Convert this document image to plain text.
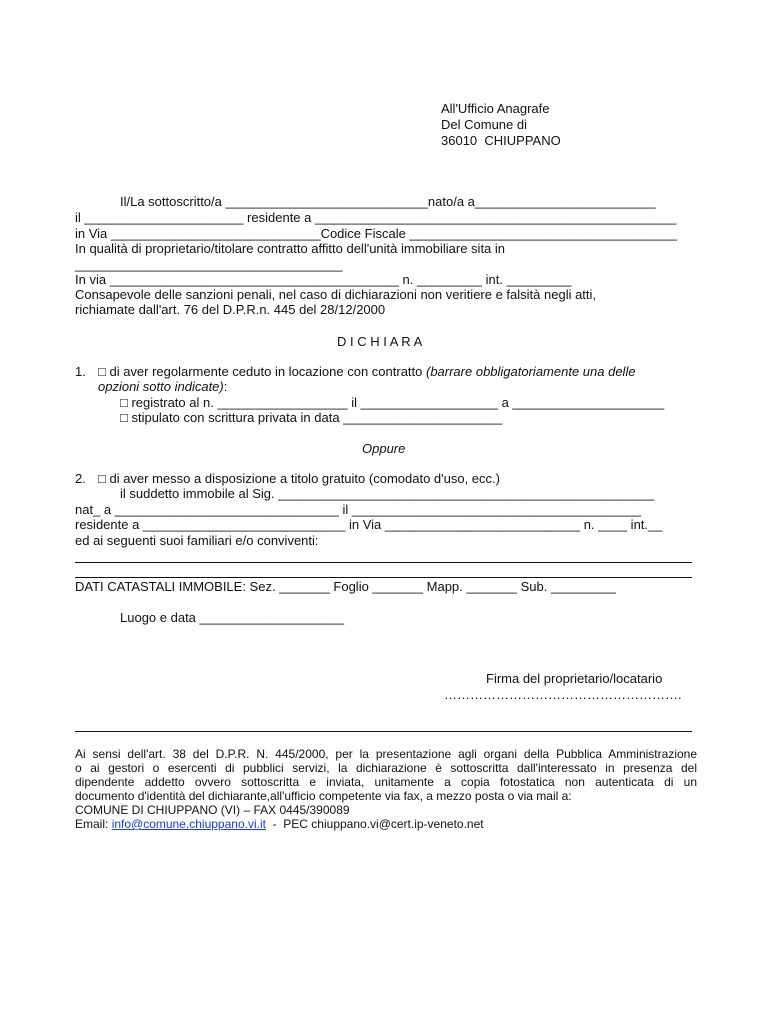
All'Ufficio Anagrafe
Del Comune di
36010  CHIUPPANO
Il/La sottoscritto/a ____________________________nato/a a_________________________
il ______________________ residente a __________________________________________________
in Via _____________________________Codice Fiscale _____________________________________
In qualità di proprietario/titolare contratto affitto dell'unità immobiliare sita in
_____________________________________
In via ________________________________________ n. _________ int. _________
Consapevole delle sanzioni penali, nel caso di dichiarazioni non veritiere e falsità negli atti,
richiamate dall'art. 76 del D.P.R.n. 445 del 28/12/2000
D I C H I A R A
1. □ di aver regolarmente ceduto in locazione con contratto (barrare obbligatoriamente una delle
opzioni sotto indicate):
□ registrato al n. __________________ il ___________________ a _____________________
□ stipulato con scrittura privata in data ______________________
Oppure
2. □ di aver messo a disposizione a titolo gratuito (comodato d'uso, ecc.)
il suddetto immobile al Sig. ____________________________________________________
nat_ a _______________________________ il ________________________________________
residente a ____________________________ in Via ___________________________ n. ____ int.__
ed ai seguenti suoi familiari e/o conviventi:
DATI CATASTALI IMMOBILE: Sez. _______ Foglio _______ Mapp. _______ Sub. _________
Luogo e data ____________________
Firma del proprietario/locatario
……………………………………………….
Ai sensi dell'art. 38 del D.P.R. N. 445/2000, per la presentazione agli organi della Pubblica Amministrazione
o ai gestori o esercenti di pubblici servizi, la dichiarazione è sottoscritta dall'interessato in presenza del
dipendente addetto ovvero sottoscritta e inviata, unitamente a copia fotostatica non autenticata di un
documento d'identità del dichiarante,all'ufficio competente via fax, a mezzo posta o via mail a:
COMUNE DI CHIUPPANO (VI) – FAX 0445/390089
Email: info@comune.chiuppano.vi.it  -  PEC chiuppano.vi@cert.ip-veneto.net
